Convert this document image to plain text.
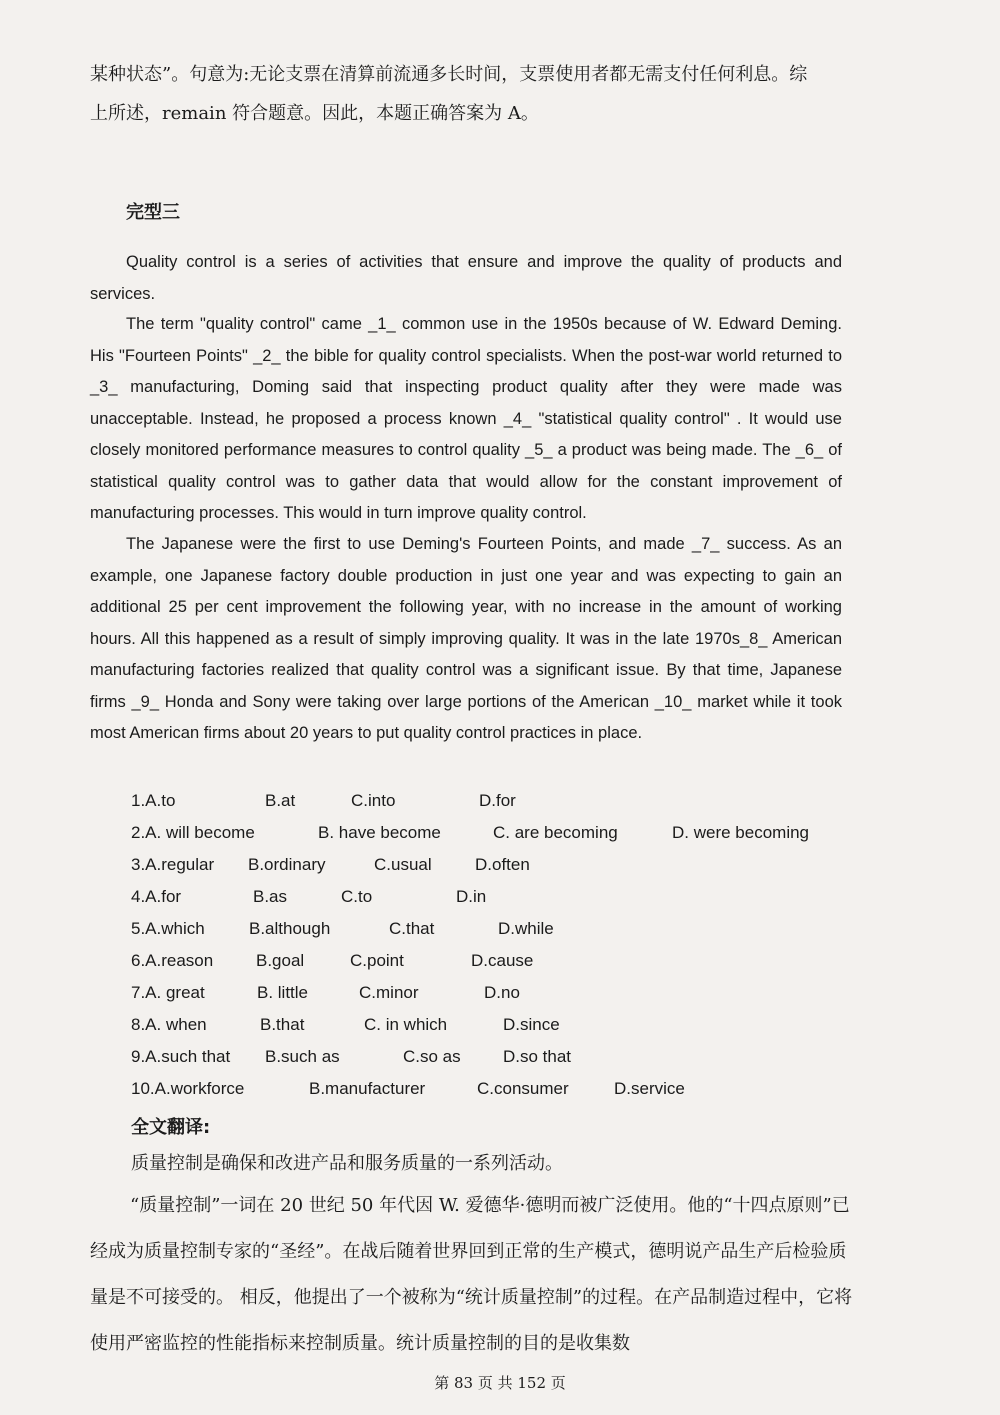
某种状态”。句意为:无论支票在清算前流通多长时间，支票使用者都无需支付任何利息。综
上所述，remain 符合题意。因此，本题正确答案为 A。
完型三
Quality control is a series of activities that ensure and improve the quality of products and services.
The term "quality control" came _1_ common use in the 1950s because of W. Edward Deming. His "Fourteen Points" _2_ the bible for quality control specialists. When the post-war world returned to _3_ manufacturing, Doming said that inspecting product quality after they were made was unacceptable. Instead, he proposed a process known _4_ "statistical quality control" . It would use closely monitored performance measures to control quality _5_ a product was being made. The _6_ of statistical quality control was to gather data that would allow for the constant improvement of manufacturing processes. This would in turn improve quality control.
The Japanese were the first to use Deming's Fourteen Points, and made _7_ success. As an example, one Japanese factory double production in just one year and was expecting to gain an additional 25 per cent improvement the following year, with no increase in the amount of working hours. All this happened as a result of simply improving quality. It was in the late 1970s_8_ American manufacturing factories realized that quality control was a significant issue. By that time, Japanese firms _9_ Honda and Sony were taking over large portions of the American _10_ market while it took most American firms about 20 years to put quality control practices in place.
1.A.to	B.at	C.into	D.for
2.A. will become	B. have become	C. are becoming	D. were becoming
3.A.regular B.ordinary	C.usual	D.often
4.A.for	B.as	C.to	D.in
5.A.which	B.although	C.that	D.while
6.A.reason	B.goal	C.point	D.cause
7.A. great	B. little	C.minor	D.no
8.A. when	B.that	C. in which	D.since
9.A.such that B.such as	C.so as D.so that
10.A.workforce	B.manufacturer	C.consumer	D.service
全文翻译:
质量控制是确保和改进产品和服务质量的一系列活动。
“质量控制”一词在 20 世纪 50 年代因 W. 爱德华·德明而被广泛使用。他的“十四点原则”已经成为质量控制专家的“圣经”。在战后随着世界回到正常的生产模式，德明说产品生产后检验质量是不可接受的。 相反，他提出了一个被称为“统计质量控制”的过程。在产品制造过程中，它将使用严密监控的性能指标来控制质量。统计质量控制的目的是收集数
第 83 页 共 152 页
